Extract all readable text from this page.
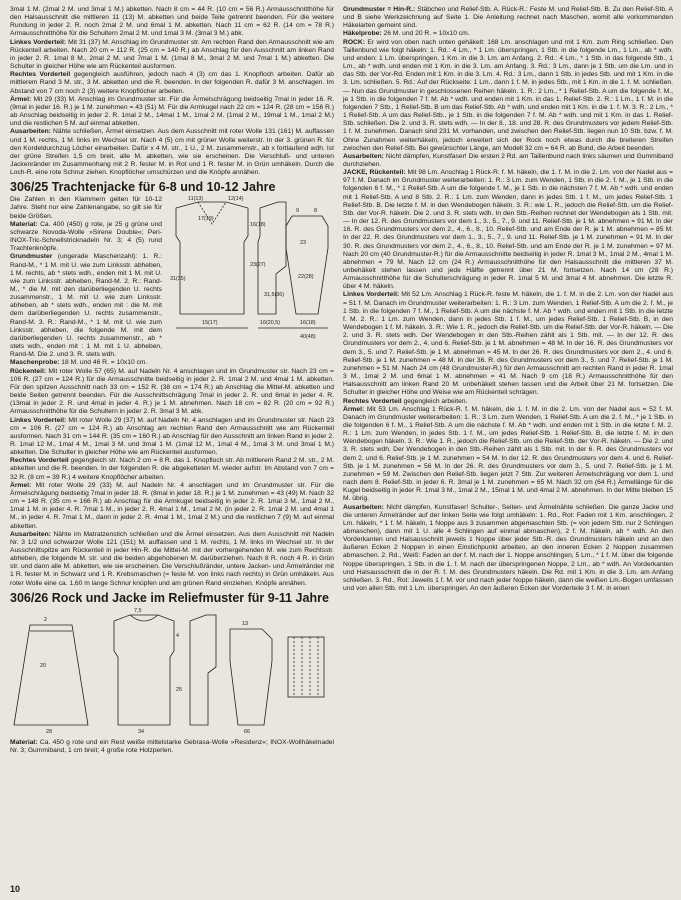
3mal 1 M. (2mal 2 M. und 3mal 1 M.) abketten. Nach 8 cm = 44 R. (10 cm = 56 R.) Armausschnitthöhe für den Halsausschnitt die mittleren 11 (13) M. abketten und beide Teile getrennt beenden. Für die weitere Rundung in jeder 2. R. noch 2mal 2 M. und 6mal 1 M. abketten. Nach 11 cm = 62 R. (14 cm = 78 R.) Armausschnitthöhe für die Schultern 2mal 2 M. und 1mal 3 M. (3mal 3 M.) abk.

Linkes Vorderteil: Mit 31 (37) M. Anschlag im Grundmuster str. Am rechten Rand den Armausschnitt wie am Rückenteil arbeiten. Nach 20 cm = 112 R. (25 cm = 140 R.) ab Anschlag für den Ausschnitt am linken Rand in jeder 2. R. 1mal 8 M., 2mal 2 M. und 7mal 1 M. (1mal 8 M., 3mal 2 M. und 7mal 1 M.) abketten. Die Schulter in gleicher Höhe wie am Rückenteil ausformen.

Rechtes Vorderteil gegengleich ausführen, jedoch nach 4 (3) cm das 1. Knopfloch arbeiten. Dafür ab mittlerem Rand 3 M. str., 3 M. abketten und die R. beenden. In der folgenden R. dafür 3 M. anschlagen. Im Abstand von 7 cm noch 2 (3) weitere Knopflöcher arbeiten.

Ärmel: Mit 29 (33) M. Anschlag im Grundmuster str. Für die Ärmelschrägung beidseitig 7mal in jeder 16. R. (9mal in jeder 16. R.) je 1 M. zunehmen = 43 (51) M. Für die Armkugel nach 22 cm = 124 R. (28 cm = 156 R.) ab Anschlag beidseitig in jeder 2. R. 1mal 2 M., 14mal 1 M., 1mal 2 M. (1mal 2 M., 19mal 1 M., 1mal 2 M.) und die restlichen 5 M. auf einmal abketten.

Ausarbeiten: Nähte schließen, Ärmel einsetzen. Aus dem Ausschnitt mit roter Wolle 131 (161) M. auffassen und 1 M. rechts, 1 M. links im Wechsel str. Nach 4 (5) cm mit grüner Wolle weiterstr. In der 3. grünen R. für den Kordeldurchzug Löcher einarbeiten. Dafür x 4 M. str., 1 U., 2 M. zusammenstr., ab x fortlaufend wdh. Ist der grüne Streifen 1,5 cm breit, alle M. abketten, wie sie erscheinen. Die Verschluß- und unteren Jackenränder im Zusammenhang mit 2 R. fester M. in Rot und 1 R. fester M. in Grün umhäkeln. Durch die Loch-R. eine rote Schnur ziehen. Knopflöcher umschürzen und die Knöpfe annähen.

306/25 Trachtenjacke für 6-8 und 10-12 Jahre

Die Zahlen in den Klammern gelten für 10-12 Jahre. Steht nur eine Zahlenangabe, so gilt sie für beide Größen.

Material: Ca. 400 (450) g rote, je 25 g grüne und schwarze Novoda-Wolle »Sirene Double«; Peri-INOX-Tric-Schnellstricknadeln Nr. 3; 4 (5) rund Trachtenknöpfe.

Grundmuster (ungerade Maschenzahl): 1. R.: Rand-M., * 1 M. mit U. wie zum Linksstr. abheben, 1 M. rechts, ab * stets wdh., enden mit 1 M. mit U. wie zum Linksstr. abheben, Rand-M. 2. R.: Rand-M., * die M. mit den darüberliegenden U. rechts zusammenstr., 1 M. mit U. wie zum Linksstr. abheben, ab * stets wdh., enden mit : die M. mit dem darüberliegenden U. rechts zusammenstr., Rand-M. 3. R.: Rand-M., * 1 M. mit U. wie zum Linksstr. abheben, die folgende M. mit dem darüberliegenden U. rechts zusammenstr., ab * stets wdh., enden mit : 1 M. mit 1 U. abheben, Rand-M. Die 2. und 3. R. stets wdh.

11(13)	12(14)
17(19)
16(18)
23(27)
31(35)
15(17)
31,5(36)
16(20,5)
9	8
23
22(28)
16(18)
40(48)

Maschenprobe: 18 M. und 46 R. = 10x10 cm.

Rückenteil: Mit roter Wolle 57 (65) M. auf Nadeln Nr. 4 anschlagen und im Grundmuster str. Nach 23 cm = 106 R. (27 cm = 124 R.) für die Armausschnitte beidseitig in jeder 2. R. 1mal 2 M. und 4mal 1 M. abketten. Für den spitzen Ausschnitt nach 33 cm = 152 R. (38 cm = 174 R.) ab Anschlag die Mittel-M. abketten und beide Seiten getrennt beenden. Für die Ausschnittschrägung 7mal in jeder 2. R. und 6mal in jeder 4. R. (13mal in jeder 2. R. und 4mal in jeder 4. R.) je 1 M. abnehmen. Nach 18 cm = 82 R. (20 cm = 92 R.) Armausschnitthöhe für die Schultern in jeder 2. R. 3mal 3 M. abk.

Linkes Vorderteil: Mit roter Wolle 29 (37) M. auf Nadeln Nr. 4 anschlagen und im Grundmuster str. Nach 23 cm = 106 R. (27 cm = 124 R.) ab Anschlag am rechten Rand den Armausschnitt wie am Rückenteil ausformen. Nach 31 cm = 144 R. (35 cm = 160 R.) ab Anschlag für den Ausschnitt am linken Rand in jeder 2. R. 1mal 12 M., 1mal 4 M., 1mal 3 M. und 3mal 1 M. (1mal 12 M., 1mal 4 M., 1mal 3 M. und 3mal 1 M.) abketten. Die Schulter in gleicher Höhe wie am Rückenteil ausformen.

Rechtes Vorderteil gegengleich str. Nach 2 cm = 8 R. das 1. Knopfloch str. Ab mittlerem Rand 2 M. str., 2 M. abketten und die R. beenden. In der folgenden R. die abgeketteten M. wieder aufstr. Im Abstand von 7 cm = 32 R. (8 cm = 39 R.) 4 weitere Knopflöcher arbeiten.

Ärmel: Mit roter Wolle 29 (33) M. auf Nadeln Nr. 4 anschlagen und im Grundmuster str. Für die Ärmelschrägung beidseitig 7mal in jeder 18. R. (8mal in jeder 18. R.) je 1 M. zunehmen = 43 (49) M. Nach 32 cm = 148 R. (35 cm = 166 R.) ab Anschlag für die Armkugel beidseitig in jeder 2. R. 1mal 3 M., 1mal 2 M., 1mal 1 M. in jeder 4. R. 7mal 1 M., in jeder 2. R. 4mal 1 M., 1mal 2 M. (in jeder 2. R. 1mal 2 M. und 4mal 1 M., in jeder 4. R. 7mal 1 M., dann in jeder 2. R. 4mal 1 M., 1mal 2 M.) und die restlichen 7 (9) M. auf einmal abketten.

Ausarbeiten: Nähte im Matratzenstich schließen und die Ärmel einsetzen. Aus dem Ausschnitt mit Nadeln Nr. 3 1/2 und schwarzer Wolle 121 (151) M. auffassen und 1 M. rechts, 1 M. links im Wechsel str. In der Ausschnittspitze am Rückenteil in jeder Hin-R. die Mittel-M. mit der vorhergehenden M. wie zum Rechtsstr. abheben, die folgende M. str. und die beiden abgehobenen M. darüberziehen. Nach 8 R. noch 4 R. in Grün str. und dann alle M. abketten, wie sie erscheinen. Die Verschlußränder, untere Jacken- und Ärmelränder mit 1 R. fester M. in Schwarz und 1 R. Krebsmaschen (= feste M. von links nach rechts) in Grün umhäkeln. Aus roter Wolle eine ca. 1,60 m lange Schnur knüpfen und am grünen Rand einziehen. Knöpfe annähen.

306/26 Rock und Jacke im Reliefmuster für 9-11 Jahre
2
20
28
7,5
4
25
34
13
66

Material: Ca. 450 g rote und ein Rest weiße mittelstarke Gebrasa-Wolle »Residenz«; INOX-Wollhäkelnadel Nr. 3; Gummiband, 1 cm breit; 4 große rote Holzperlen.

Grundmuster = Hin-R.: Stäbchen und Relief-Stb. A. Rück-R.: Feste M. und Relief-Stb. B. Zu den Relief-Stb. A und B siehe Werkzeichnung auf Seite 1. Die Anleitung rechnet nach Maschen, womit alle vorkommenden Häkelarten gemeint sind.

Häkelprobe: 26 M. und 20 R. = 10x10 cm.

ROCK: Er wird von oben nach unten gehäkelt: 168 Lm. anschlagen und mit 1 Km. zum Ring schließen. Den Taillenbund wie folgt häkeln: 1. Rd.: 4 Lm., * 1 Lm. überspringen, 1 Stb. in die folgende Lm., 1 Lm., ab * wdh. und enden: 1 Lm. überspringen, 1 Km. in die 3. Lm. am Anfang. 2. Rd.: 4 Lm., * 1 Stb. in das folgende Stb., 1 Lm., ab * wdh. und enden mit 1 Km. in die 3. Lm. am Anfang. 3. Rd.: 3 Lm., dann je 1 Stb. um die Lm. und in das Stb. der Vor-Rd. Enden mit 1 Km. in die 3. Lm. 4. Rd.: 3 Lm., dann 1 Stb. in jedes Stb. und mit 1 Km. in die 3. Lm. schließen. 5. Rd.: Auf der Rückseite: 1 Lm., dann 1 f. M. in jedes Stb., mit 1 Km. in die 1. f. M. schließen. — Nun das Grundmuster in geschlossenen Reihen häkeln. 1. R.: 2 Lm., * 1 Relief-Stb. A um die folgende f. M., je 1 Stb. in die folgenden 7 f. M. Ab * wdh. und enden mit 1 Km. in das 1. Relief-Stb. 2. R.: 1 Lm., 1 f. M. in die folgenden 7 Stb., 1 Relief-Stb. B um das Relief-Stb. Ab * wdh. und enden mit 1 Km. in die 1. f. M. 3. R.: 2 Lm., * 1 Relief-Stb. A um das Relief-Stb., je 1 Stb. in die folgenden 7 f. M. Ab * wdh. und mit 1 Km. in das 1. Relief-Stb. schließen. Die 2. und 3. R. stets wdh. — In der 8., 18. und 28. R. des Grundmusters vor jedem Relief-Stb. 1 f. M. zunehmen. Danach sind 231 M. vorhanden, und zwischen den Relief-Stb. liegen nun 10 Stb. bzw. f. M. Ohne Zunahmen weiterhäkeln, jedoch erweitert sich der Rock noch etwas durch die breiteren Streifen zwischen den Relief-Stb. Bei gewünschter Länge, am Modell 32 cm = 64 R. ab Bund, die Arbeit beenden.

Ausarbeiten: Nicht dämpfen, Kunstfaser! Die ersten 2 Rd. am Taillenbund nach links säumen und Gummiband durchziehen.

JACKE, Rückenteil: Mit 98 Lm. Anschlag 1 Rück-R. f. M. häkeln, die 1. f. M. in die 2. Lm. von der Nadel aus = 97 f. M. Danach im Grundmuster weiterarbeiten: 1. R.: 3 Lm. zum Wenden, 1 Stb. in die 2. f. M., je 1 Stb. in die folgenden 6 f. M., * 1 Relief-Stb. A um die folgende f. M., je 1 Stb. in die nächsten 7 f. M. Ab * wdh. und enden mit 1 Relief-Stb. A und 8 Stb. 2. R.: 1 Lm. zum Wenden, dann in jedes Stb. 1 f. M., um jedes Relief-Stb. 1 Relief-Stb. B. Die letzte f. M. in den Wendebogen häkeln. 3. R.: wie 1. R., jedoch die Relief-Stb. um die Relief-Stb. der Vor-R. häkeln. Die 2. und 3. R. stets wdh. In den Stb.-Reihen rechnet der Wendebogen als 1 Stb. mit. — In der 12. R. des Grundmusters vor dem 1., 3., 5., 7., 9. und 11. Relief-Stb. je 1 M. abnehmen = 91 M. In der 16. R. des Grundmusters vor dem 2., 4., 6., 8., 10. Relief-Stb. und am Ende der R. je 1 M. abnehmen = 85 M. In der 22. R. des Grundmusters vor dem 1., 3., 5., 7., 9. und 11. Relief-Stb. je 1 M. zunehmen = 91 M. In der 30. R. des Grundmusters vor dem 2., 4., 6., 8., 10. Relief-Stb. und am Ende der R. je 1 M. zunehmen = 97 M. Nach 20 cm (40 Grundmuster-R.) für die Armausschnitte beidseitig in jeder R. 1mal 3 M., 1mal 2 M., 4mal 1 M. abnehmen = 79 M. Nach 12 cm (24 R.) Armausschnitthöhe für den Halsausschnitt die mittleren 37 M. unbehäkelt stehen lassen und jede Hälfte getrennt über 21 M. fortsetzen. Nach 14 cm (28 R.) Armausschnitthöhe für die Schulterschrägung in jeder R. 1mal 5 M. und 3mal 4 M. abnehmen. Die letzte R. über 4 M. häkeln.

Linkes Vorderteil: Mit 52 Lm. Anschlag 1 Rück-R. feste M. häkeln, die 1. f. M. in die 2. Lm. von der Nadel aus = 51 f. M. Danach im Grundmuster weiterarbeiten: 1. R.: 3 Lm. zum Wenden, 1 Relief-Stb. A um die 2. f. M., je 1 Stb. in die folgenden 7 f. M., 1 Relief-Stb. A um die nächste f. M. Ab * wdh. und enden mit 1 Stb. in die letzte f. M. 2. R.: 1 Lm. zum Wenden, dann in jedes Stb. 1 f. M., um jedes Relief-Stb. 1 Relief-Stb. B, in den Wendebogen 1 f. M. häkeln. 3. R.: Wie 1. R., jedoch die Relief-Stb. um die Relief-Stb. der Vor-R. häkeln. — Die 2. und 3. R. stets wdh. Der Wendebogen in den Stb.-Reihen zählt als 1 Stb. mit. — In der 12. R. des Grundmusters vor dem 2., 4. und 6. Relief-Stb. je 1 M. abnehmen = 48 M. In der 16. R. des Grundmusters vor dem 3., 5. und 7. Relief-Stb. je 1 M. abnehmen = 45 M. In der 26. R. des Grundmusters vor dem 2., 4. und 6. Relief-Stb. je 1 M. zunehmen = 48 M. In der 36. R. des Grundmusters vor dem 3., 5. und 7. Relief-Stb. je 1 M. zunehmen = 51 M. Nach 24 cm (48 Grundmuster-R.) für den Armausschnitt am rechten Rand in jeder R. 1mal 3 M., 1mal 2 M. und 6mal 1 M. abnehmen = 41 M. Nach 9 cm (18 R.) Armausschnitthöhe für den Halsausschnitt am linken Rand 20 M. unbehäkelt stehen lassen und die Arbeit über 21 M. fortsetzen. Die Schulter in gleicher Höhe und Weise wie am Rückenteil schrägen.

Rechtes Vorderteil gegengleich arbeiten.

Ärmel: Mit 53 Lm. Anschlag 1 Rück-R. f. M. häkeln, die 1. f. M. in die 2. Lm. von der Nadel aus = 52 f. M. Danach im Grundmuster weiterarbeiten: 1. R.: 3 Lm. zum Wenden, 1 Relief-Stb. A um die 2. f. M., * je 1 Stb. in die folgenden 6 f. M., 1 Relief-Stb. A um die nächste f. M. Ab * wdh. und enden mit 1 Stb. in die letzte f. M. 2. R.: 1 Lm. zum Wenden, in jedes Stb. 1 f. M., um jedes Relief-Stb. 1 Relief-Stb. B, die letzte f. M. in den Wendebogen häkeln. 3. R.: Wie 1. R., jedoch die Relief-Stb. um die Relief-Stb. der Vor-R. häkeln. — Die 2. und 3. R. stets wdh. Der Wendebogen in den Stb.-Reihen zählt als 1 Stb. mit. In der 6. R. des Grundmusters vor dem 2. und 6. Relief-Stb. je 1 M. zunehmen = 54 M. In der 12. R. des Grundmusters vor dem 4. und 6. Relief-Stb. je 1 M. zunehmen = 56 M. In der 26. R. des Grundmusters vor dem 3., 5. und 7. Relief-Stb. je 1 M. zunehmen = 59 M. Zwischen den Relief-Stb. liegen jetzt 7 Stb. Zur weiteren Ärmelschrägung vor dem 1. und nach dem 8. Relief-Stb. in jeder 6. R. 3mal je 1 M. zunehmen = 65 M. Nach 32 cm (64 R.) Ärmellänge für die Kugel beidseitig in jeder R. 1mal 3 M., 1mal 2 M., 15mal 1 M. und 4mal 2 M. abnehmen. In der Mitte bleiben 15 M. übrig.

Ausarbeiten: Nicht dämpfen, Kunstfaser! Schulter-, Seiten- und Ärmelnähte schließen. Die ganze Jacke und die unteren Ärmelränder auf der linken Seite wie folgt umhäkeln: 1. Rd., Rot: Faden mit 1 Km. anschlingen, 2 Lm. häkeln, * 1 f. M. häkeln, 1 Noppe aus 3 zusammen abgemaschten Stb. (= von jedem Stb. nur 2 Schlingen abmaschen), dann mit 1 U. alle 4 Schlingen auf einmal abmaschen), 2 f. M. häkeln, ab * wdh. An den Vorderkanten und Halsausschnitt jeweils 1 Noppe über jeder Stb.-R. des Grundmusters häkeln und an den äußeren Ecken 2 Noppen in einen Einstichpunkt arbeiten, an den inneren Ecken 2 Noppen zusammen abmaschen. 2. Rd., Weiß: Faden an der f. M. nach der 1. Noppe anschlingen, 5 Lm., * 1 f. M. über die folgende Noppe überspringen, 1 Stb. in die 1. f. M. nach der überspringenen Noppe, 2 Lm., ab * wdh. An Vorderkanten und Halsausschnitt die in der R. f. M. des Grundmusters häkeln. Die Rd. mit 1 Km. in die 3. Lm. am Anfang schließen. 3. Rd., Rot: Jeweils 1 f. M. vor und nach jeder Noppe häkeln, dann die weißen Lm.-Bogen umfassen und von allen Stb. mit 1 Lm. überspringen. An den äußeren Ecken der Vorderteile 3 f. M. in einen

10
